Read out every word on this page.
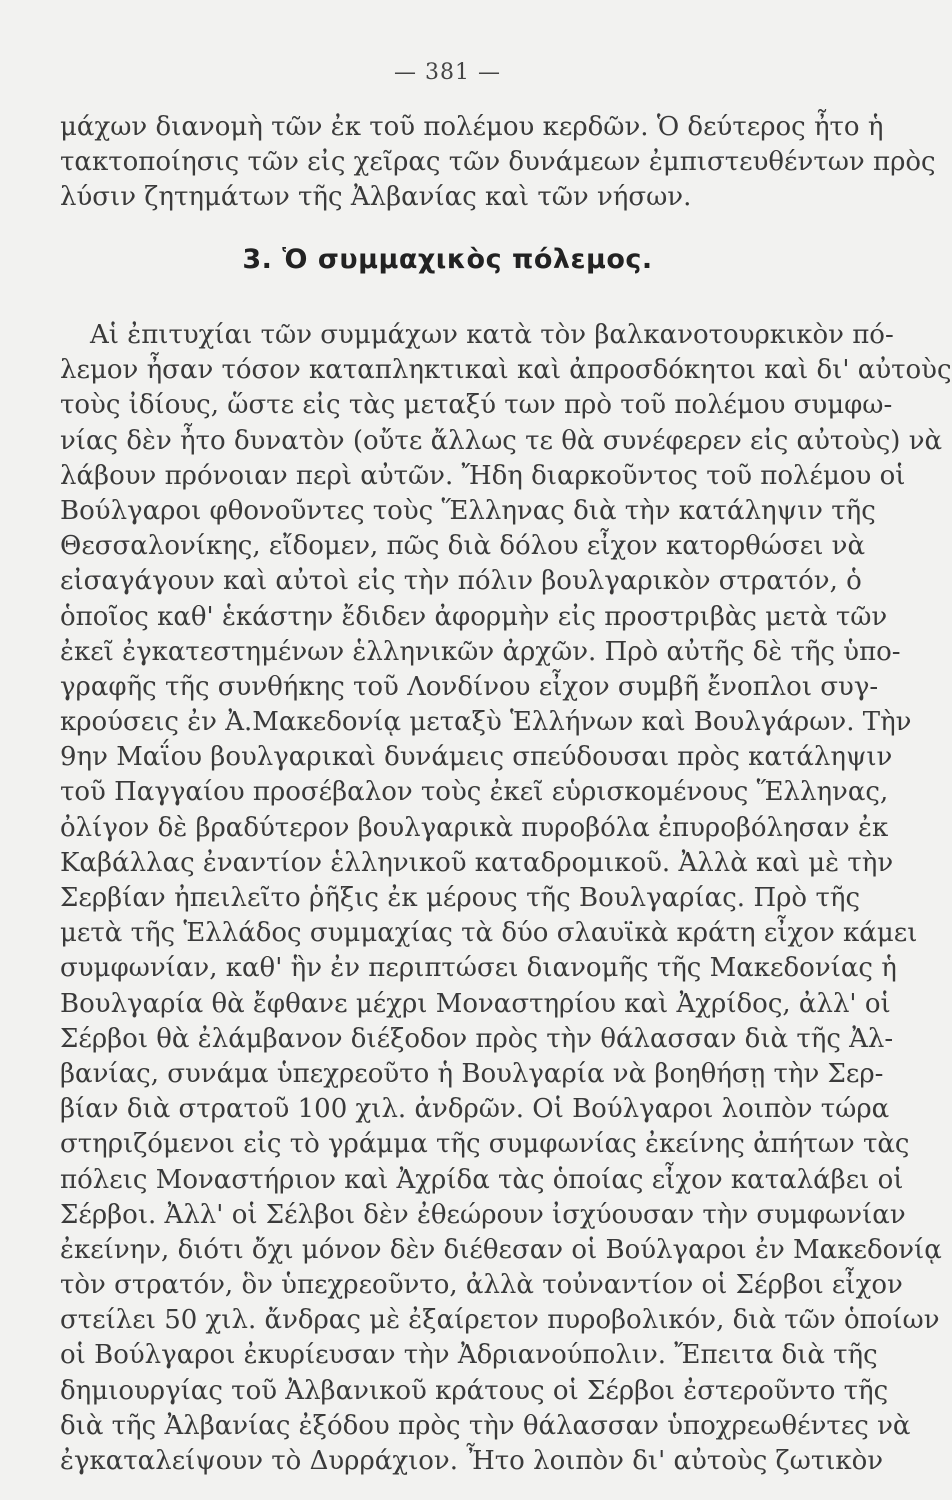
— 381 —
μάχων διανομὴ τῶν ἐκ τοῦ πολέμου κερδῶν. Ὁ δεύτερος ἦτο ἡ
τακτοποίησις τῶν εἰς χεῖρας τῶν δυνάμεων ἐμπιστευθέντων πρὸς
λύσιν ζητημάτων τῆς Ἀλβανίας καὶ τῶν νήσων.
3. Ὁ συμμαχικὸς πόλεμος.
Αἱ ἐπιτυχίαι τῶν συμμάχων κατὰ τὸν βαλκανοτουρκικὸν πό-
λεμον ἦσαν τόσον καταπληκτικαὶ καὶ ἀπροσδόκητοι καὶ δι' αὐτοὺς
τοὺς ἰδίους, ὥστε εἰς τὰς μεταξύ των πρὸ τοῦ πολέμου συμφω-
νίας δὲν ἦτο δυνατὸν (οὔτε ἄλλως τε θὰ συνέφερεν εἰς αὐτοὺς) νὰ
λάβουν πρόνοιαν περὶ αὐτῶν. Ἤδη διαρκοῦντος τοῦ πολέμου οἱ
Βούλγαροι φθονοῦντες τοὺς Ἕλληνας διὰ τὴν κατάληψιν τῆς
Θεσσαλονίκης, εἴδομεν, πῶς διὰ δόλου εἶχον κατορθώσει νὰ
εἰσαγάγουν καὶ αὐτοὶ εἰς τὴν πόλιν βουλγαρικὸν στρατόν, ὁ
ὁποῖος καθ' ἑκάστην ἔδιδεν ἀφορμὴν εἰς προστριβὰς μετὰ τῶν
ἐκεῖ ἐγκατεστημένων ἑλληνικῶν ἀρχῶν. Πρὸ αὐτῆς δὲ τῆς ὑπο-
γραφῆς τῆς συνθήκης τοῦ Λονδίνου εἶχον συμβῆ ἔνοπλοι συγ-
κρούσεις ἐν Ἀ.Μακεδονίᾳ μεταξὺ Ἑλλήνων καὶ Βουλγάρων. Τὴν
9ην Μαΐου βουλγαρικαὶ δυνάμεις σπεύδουσαι πρὸς κατάληψιν
τοῦ Παγγαίου προσέβαλον τοὺς ἐκεῖ εὑρισκομένους Ἕλληνας,
ὀλίγον δὲ βραδύτερον βουλγαρικὰ πυροβόλα ἐπυροβόλησαν ἐκ
Καβάλλας ἐναντίον ἑλληνικοῦ καταδρομικοῦ. Ἀλλὰ καὶ μὲ τὴν
Σερβίαν ἠπειλεῖτο ῥῆξις ἐκ μέρους τῆς Βουλγαρίας. Πρὸ τῆς
μετὰ τῆς Ἑλλάδος συμμαχίας τὰ δύο σλαυϊκὰ κράτη εἶχον κάμει
συμφωνίαν, καθ' ἣν ἐν περιπτώσει διανομῆς τῆς Μακεδονίας ἡ
Βουλγαρία θὰ ἔφθανε μέχρι Μοναστηρίου καὶ Ἀχρίδος, ἀλλ' οἱ
Σέρβοι θὰ ἐλάμβανον διέξοδον πρὸς τὴν θάλασσαν διὰ τῆς Ἀλ-
βανίας, συνάμα ὑπεχρεοῦτο ἡ Βουλγαρία νὰ βοηθήσῃ τὴν Σερ-
βίαν διὰ στρατοῦ 100 χιλ. ἀνδρῶν. Οἱ Βούλγαροι λοιπὸν τώρα
στηριζόμενοι εἰς τὸ γράμμα τῆς συμφωνίας ἐκείνης ἀπήτων τὰς
πόλεις Μοναστήριον καὶ Ἀχρίδα τὰς ὁποίας εἶχον καταλάβει οἱ
Σέρβοι. Ἀλλ' οἱ Σέλβοι δὲν ἐθεώρουν ἰσχύουσαν τὴν συμφωνίαν
ἐκείνην, διότι ὄχι μόνον δὲν διέθεσαν οἱ Βούλγαροι ἐν Μακεδονίᾳ
τὸν στρατόν, ὃν ὑπεχρεοῦντο, ἀλλὰ τοὐναντίον οἱ Σέρβοι εἶχον
στείλει 50 χιλ. ἄνδρας μὲ ἐξαίρετον πυροβολικόν, διὰ τῶν ὁποίων
οἱ Βούλγαροι ἐκυρίευσαν τὴν Ἀδριανούπολιν. Ἔπειτα διὰ τῆς
δημιουργίας τοῦ Ἀλβανικοῦ κράτους οἱ Σέρβοι ἐστεροῦντο τῆς
διὰ τῆς Ἀλβανίας ἐξόδου πρὸς τὴν θάλασσαν ὑποχρεωθέντες νὰ
ἐγκαταλείψουν τὸ Δυρράχιον. Ἦτο λοιπὸν δι' αὐτοὺς ζωτικὸν
